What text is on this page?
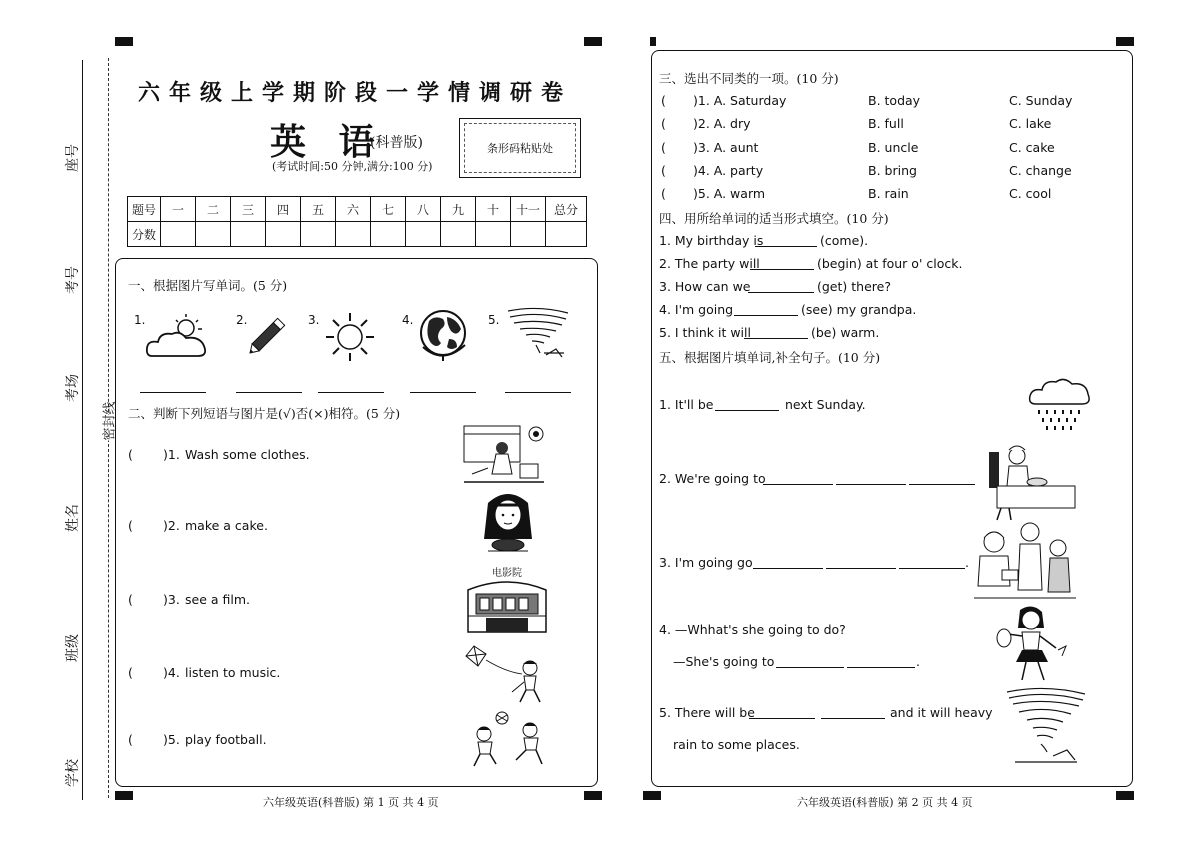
密封线
座号
考号
考场
姓名
班级
学校
六年级上学期阶段一学情调研卷
英 语
(科普版)
(考试时间:50 分钟,满分:100 分)
条形码粘贴处
题号	一	二	三	四	五	六	七	八	九	十	十一	总分
分数												
一、根据图片写单词。(5 分)
1.	2.	3.	4.	5.
二、判断下列短语与图片是(√)否(×)相符。(5 分)
( )1. Wash some clothes.
( )2. make a cake.
( )3. see a film.
( )4. listen to music.
( )5. play football.
电影院
六年级英语(科普版) 第 1 页 共 4 页
三、选出不同类的一项。(10 分)
( )1. A. Saturday	B. today	C. Sunday
( )2. A. dry	B. full	C. lake
( )3. A. aunt	B. uncle	C. cake
( )4. A. party	B. bring	C. change
( )5. A. warm	B. rain	C. cool
四、用所给单词的适当形式填空。(10 分)
1. My birthday is	(come).
2. The party will	(begin) at four o' clock.
3. How can we	(get) there?
4. I'm going	(see) my grandpa.
5. I think it will	(be) warm.
五、根据图片填单词,补全句子。(10 分)
1. It'll be	next Sunday.
2. We're going to
3. I'm going go	.
4. —Whhat's she going to do?
—She's going to	.
5. There will be	and it will heavy
rain to some places.
六年级英语(科普版) 第 2 页 共 4 页
